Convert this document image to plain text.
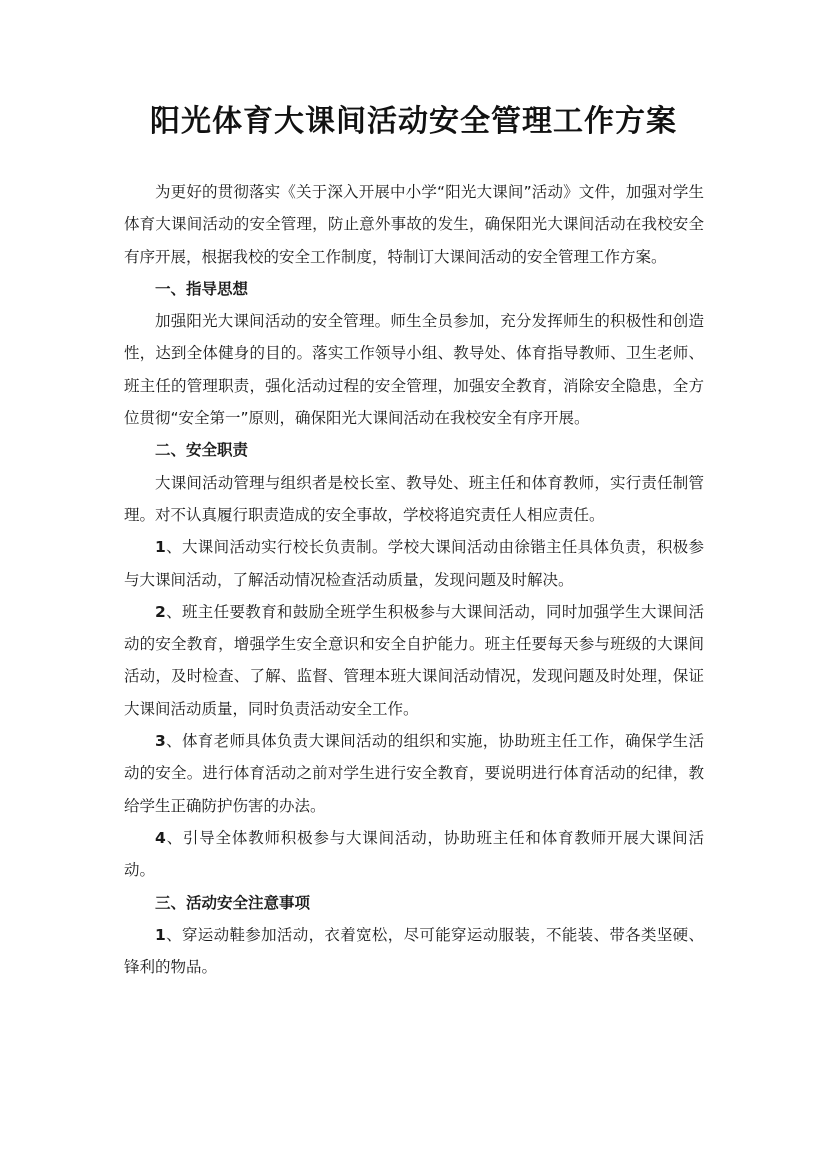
阳光体育大课间活动安全管理工作方案

为更好的贯彻落实《关于深入开展中小学“阳光大课间”活动》文件，加强对学生体育大课间活动的安全管理，防止意外事故的发生，确保阳光大课间活动在我校安全有序开展，根据我校的安全工作制度，特制订大课间活动的安全管理工作方案。

一、指导思想

加强阳光大课间活动的安全管理。师生全员参加，充分发挥师生的积极性和创造性，达到全体健身的目的。落实工作领导小组、教导处、体育指导教师、卫生老师、班主任的管理职责，强化活动过程的安全管理，加强安全教育，消除安全隐患，全方位贯彻“安全第一”原则，确保阳光大课间活动在我校安全有序开展。

二、安全职责

大课间活动管理与组织者是校长室、教导处、班主任和体育教师，实行责任制管理。对不认真履行职责造成的安全事故，学校将追究责任人相应责任。

1、大课间活动实行校长负责制。学校大课间活动由徐锴主任具体负责，积极参与大课间活动，了解活动情况检查活动质量，发现问题及时解决。

2、班主任要教育和鼓励全班学生积极参与大课间活动，同时加强学生大课间活动的安全教育，增强学生安全意识和安全自护能力。班主任要每天参与班级的大课间活动，及时检查、了解、监督、管理本班大课间活动情况，发现问题及时处理，保证大课间活动质量，同时负责活动安全工作。

3、体育老师具体负责大课间活动的组织和实施，协助班主任工作，确保学生活动的安全。进行体育活动之前对学生进行安全教育，要说明进行体育活动的纪律，教给学生正确防护伤害的办法。

4、引导全体教师积极参与大课间活动，协助班主任和体育教师开展大课间活动。

三、活动安全注意事项

1、穿运动鞋参加活动，衣着宽松，尽可能穿运动服装，不能装、带各类坚硬、锋利的物品。
